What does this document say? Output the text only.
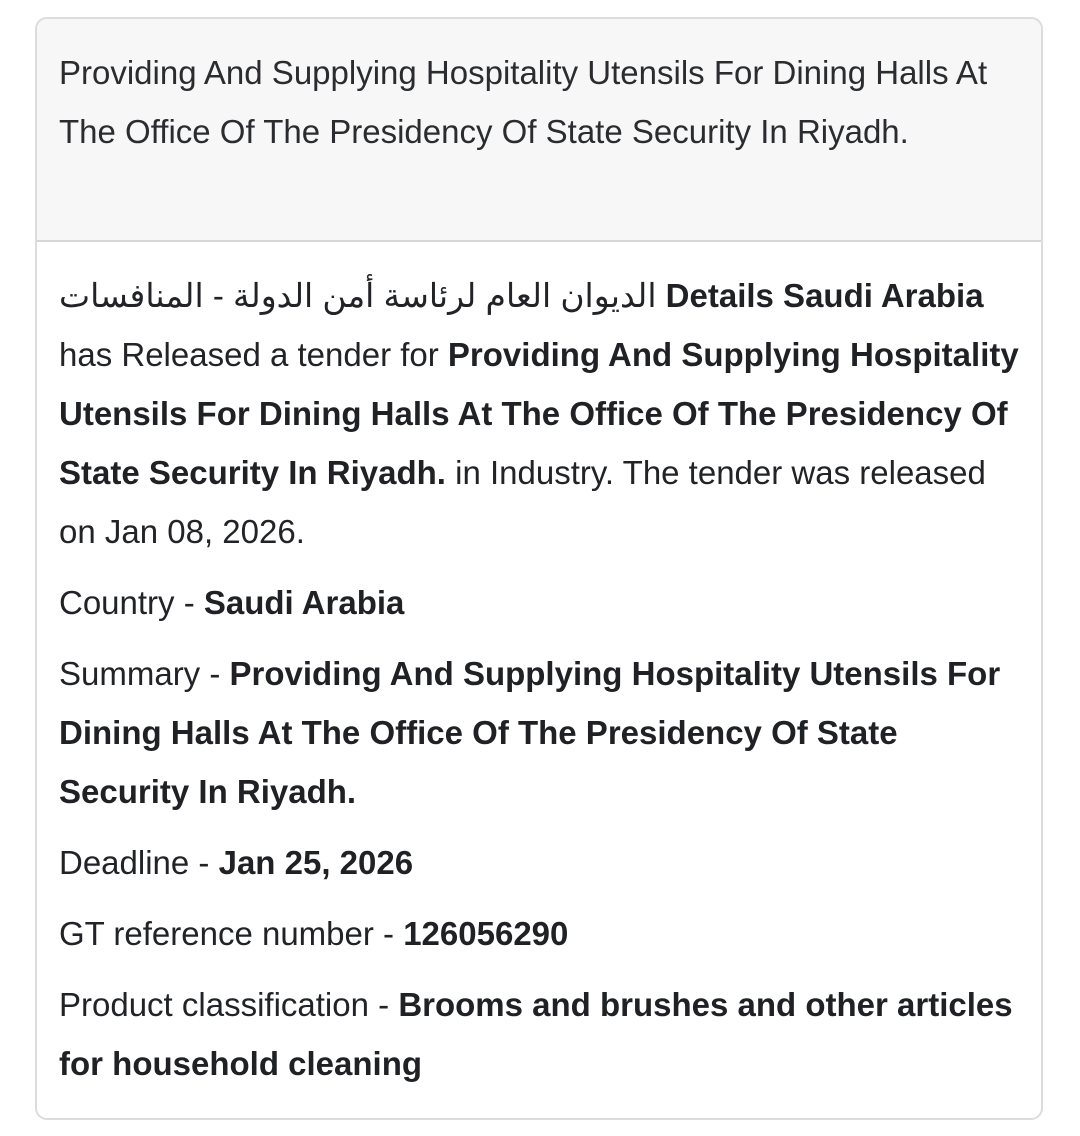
Providing And Supplying Hospitality Utensils For Dining Halls At The Office Of The Presidency Of State Security In Riyadh.

الديوان العام لرئاسة أمن الدولة - المنافسات Details Saudi Arabia has Released a tender for Providing And Supplying Hospitality Utensils For Dining Halls At The Office Of The Presidency Of State Security In Riyadh. in Industry. The tender was released on Jan 08, 2026.

Country - Saudi Arabia

Summary - Providing And Supplying Hospitality Utensils For Dining Halls At The Office Of The Presidency Of State Security In Riyadh.

Deadline - Jan 25, 2026

GT reference number - 126056290

Product classification - Brooms and brushes and other articles for household cleaning
